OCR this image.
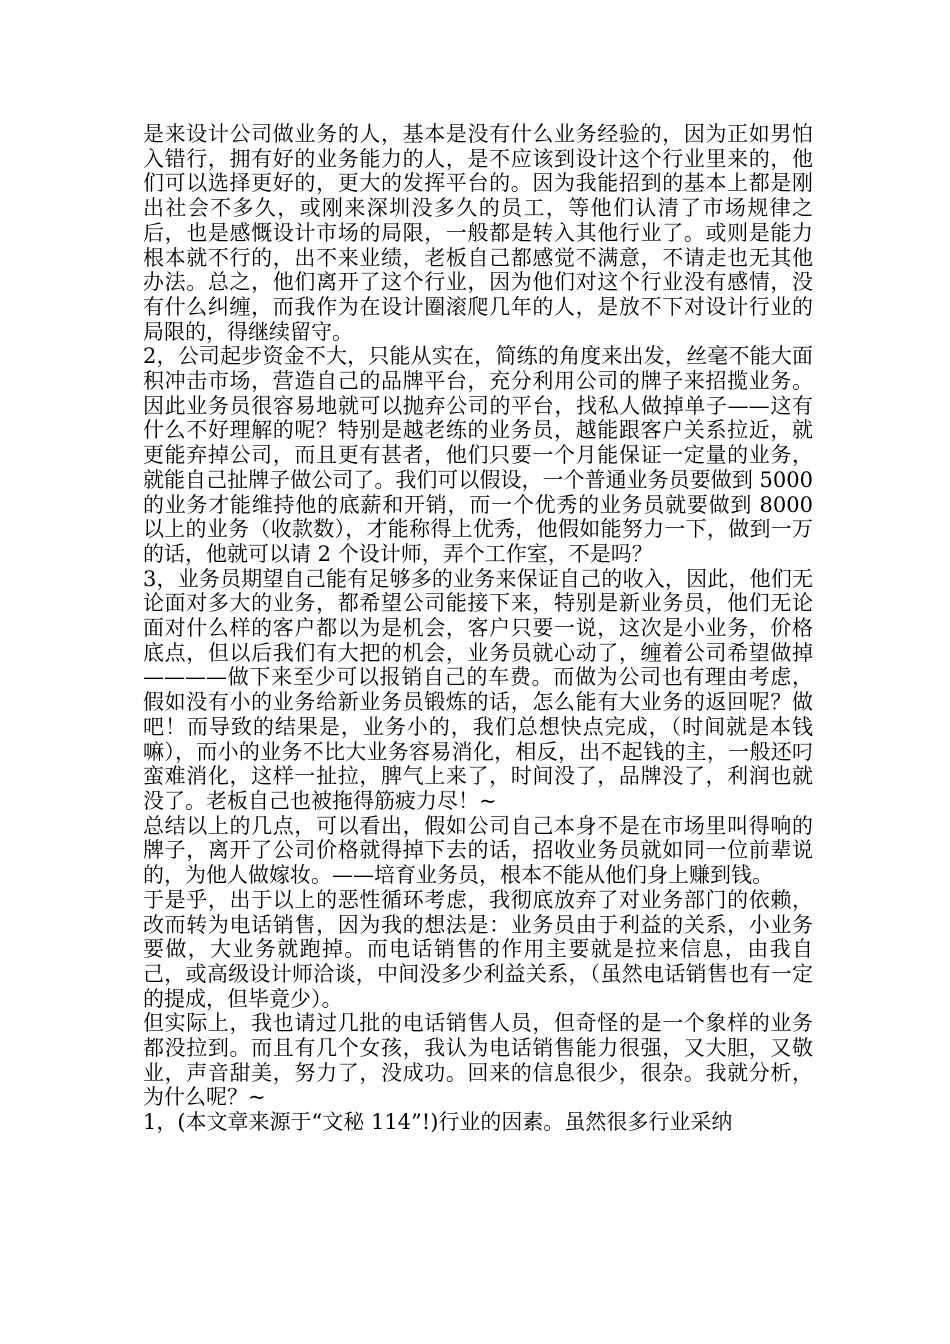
是来设计公司做业务的人，基本是没有什么业务经验的，因为正如男怕入错行，拥有好的业务能力的人，是不应该到设计这个行业里来的，他们可以选择更好的，更大的发挥平台的。因为我能招到的基本上都是刚出社会不多久，或刚来深圳没多久的员工，等他们认清了市场规律之后，也是感慨设计市场的局限，一般都是转入其他行业了。或则是能力根本就不行的，出不来业绩，老板自己都感觉不满意，不请走也无其他办法。总之，他们离开了这个行业，因为他们对这个行业没有感情，没有什么纠缠，而我作为在设计圈滚爬几年的人，是放不下对设计行业的局限的，得继续留守。

2，公司起步资金不大，只能从实在，简练的角度来出发，丝毫不能大面积冲击市场，营造自己的品牌平台，充分利用公司的牌子来招揽业务。因此业务员很容易地就可以抛弃公司的平台，找私人做掉单子——这有什么不好理解的呢？特别是越老练的业务员，越能跟客户关系拉近，就更能弃掉公司，而且更有甚者，他们只要一个月能保证一定量的业务，就能自己扯牌子做公司了。我们可以假设，一个普通业务员要做到 5000 的业务才能维持他的底薪和开销，而一个优秀的业务员就要做到 8000 以上的业务（收款数），才能称得上优秀，他假如能努力一下，做到一万的话，他就可以请 2 个设计师，弄个工作室，不是吗？

3，业务员期望自己能有足够多的业务来保证自己的收入，因此，他们无论面对多大的业务，都希望公司能接下来，特别是新业务员，他们无论面对什么样的客户都以为是机会，客户只要一说，这次是小业务，价格底点，但以后我们有大把的机会，业务员就心动了，缠着公司希望做掉————做下来至少可以报销自己的车费。而做为公司也有理由考虑，假如没有小的业务给新业务员锻炼的话，怎么能有大业务的返回呢？做吧！而导致的结果是，业务小的，我们总想快点完成，（时间就是本钱嘛），而小的业务不比大业务容易消化，相反，出不起钱的主，一般还叼蛮难消化，这样一扯拉，脾气上来了，时间没了，品牌没了，利润也就没了。老板自己也被拖得筋疲力尽！~

总结以上的几点，可以看出，假如公司自己本身不是在市场里叫得响的牌子，离开了公司价格就得掉下去的话，招收业务员就如同一位前辈说的，为他人做嫁妆。——培育业务员，根本不能从他们身上赚到钱。

于是乎，出于以上的恶性循环考虑，我彻底放弃了对业务部门的依赖，改而转为电话销售，因为我的想法是：业务员由于利益的关系，小业务要做，大业务就跑掉。而电话销售的作用主要就是拉来信息，由我自己，或高级设计师洽谈，中间没多少利益关系，（虽然电话销售也有一定的提成，但毕竟少）。

但实际上，我也请过几批的电话销售人员，但奇怪的是一个象样的业务都没拉到。而且有几个女孩，我认为电话销售能力很强，又大胆，又敬业，声音甜美，努力了，没成功。回来的信息很少，很杂。我就分析，为什么呢？~

1，(本文章来源于“文秘 114”!)行业的因素。虽然很多行业采纳
